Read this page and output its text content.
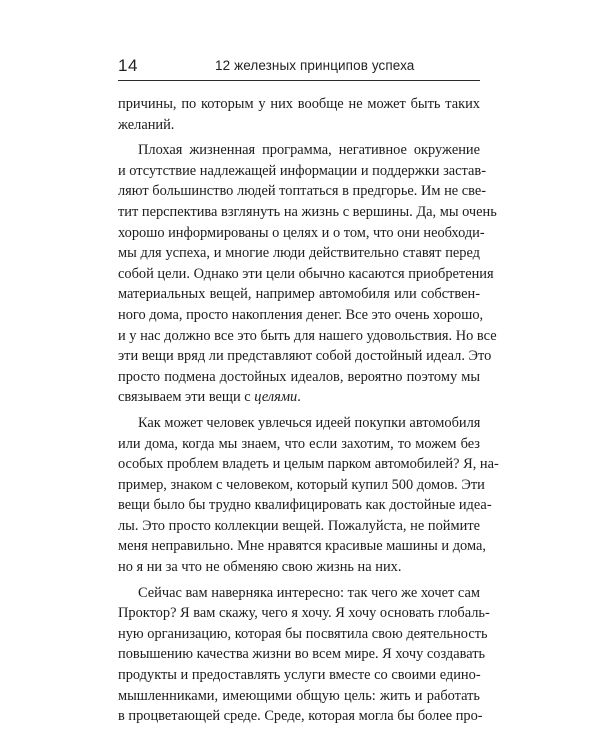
14	12 железных принципов успеха
причины, по которым у них вообще не может быть таких
желаний.
Плохая жизненная программа, негативное окружение
и отсутствие надлежащей информации и поддержки застав-
ляют большинство людей топтаться в предгорье. Им не све-
тит перспектива взглянуть на жизнь с вершины. Да, мы очень
хорошо информированы о целях и о том, что они необходи-
мы для успеха, и многие люди действительно ставят перед
собой цели. Однако эти цели обычно касаются приобретения
материальных вещей, например автомобиля или собствен-
ного дома, просто накопления денег. Все это очень хорошо,
и у нас должно все это быть для нашего удовольствия. Но все
эти вещи вряд ли представляют собой достойный идеал. Это
просто подмена достойных идеалов, вероятно поэтому мы
связываем эти вещи с целями.
Как может человек увлечься идеей покупки автомобиля
или дома, когда мы знаем, что если захотим, то можем без
особых проблем владеть и целым парком автомобилей? Я, на-
пример, знаком с человеком, который купил 500 домов. Эти
вещи было бы трудно квалифицировать как достойные идеа-
лы. Это просто коллекции вещей. Пожалуйста, не поймите
меня неправильно. Мне нравятся красивые машины и дома,
но я ни за что не обменяю свою жизнь на них.
Сейчас вам наверняка интересно: так чего же хочет сам
Проктор? Я вам скажу, чего я хочу. Я хочу основать глобаль-
ную организацию, которая бы посвятила свою деятельность
повышению качества жизни во всем мире. Я хочу создавать
продукты и предоставлять услуги вместе со своими едино-
мышленниками, имеющими общую цель: жить и работать
в процветающей среде. Среде, которая могла бы более про-
